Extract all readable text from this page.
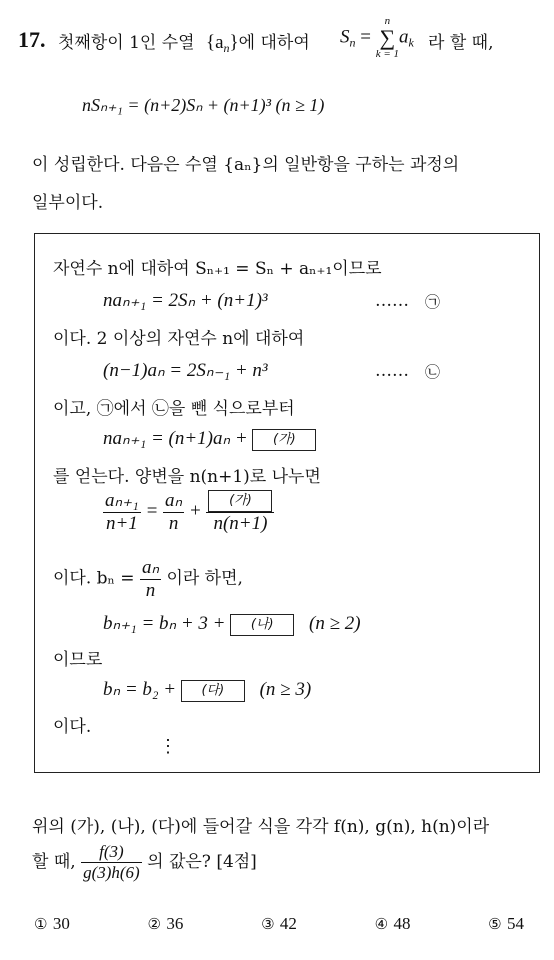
17. 첫째항이 1인 수열 $\{a_n\}$에 대하여 $S_n$ =
n
∑
k = 1
$a_k$ 라 할 때,
nSₙ₊₁ = (n+2)Sₙ + (n+1)³ (n ≥ 1)
이 성립한다. 다음은 수열 {aₙ}의 일반항을 구하는 과정의
일부이다.
자연수 n에 대하여 Sₙ₊₁ = Sₙ + aₙ₊₁이므로
naₙ₊₁ = 2Sₙ + (n+1)³	…… ㉠
이다. 2 이상의 자연수 n에 대하여
(n−1)aₙ = 2Sₙ₋₁ + n³	…… ㉡
이고, ㉠에서 ㉡을 뺀 식으로부터
naₙ₊₁ = (n+1)aₙ + (가)
를 얻는다. 양변을 n(n+1)로 나누면
$\frac{\text{aₙ₊₁}}{n+1} = \frac{\text{aₙ}}{n} + \frac{\text{(가)}}{n(n+1)}$
이다. $b_n = \frac{\text{aₙ}}{n}$ 이라 하면,
bₙ₊₁ = bₙ + 3 + (나) (n ≥ 2)
이므로
bₙ = b₂ + (다) (n ≥ 3)
이다.
⋮
위의 (가), (나), (다)에 들어갈 식을 각각 f(n), g(n), h(n)이라
할 때, $\frac{f(3)}{g(3)h(6)}$ 의 값은? [4점]
① 30	② 36	③ 42	④ 48	⑤ 54
